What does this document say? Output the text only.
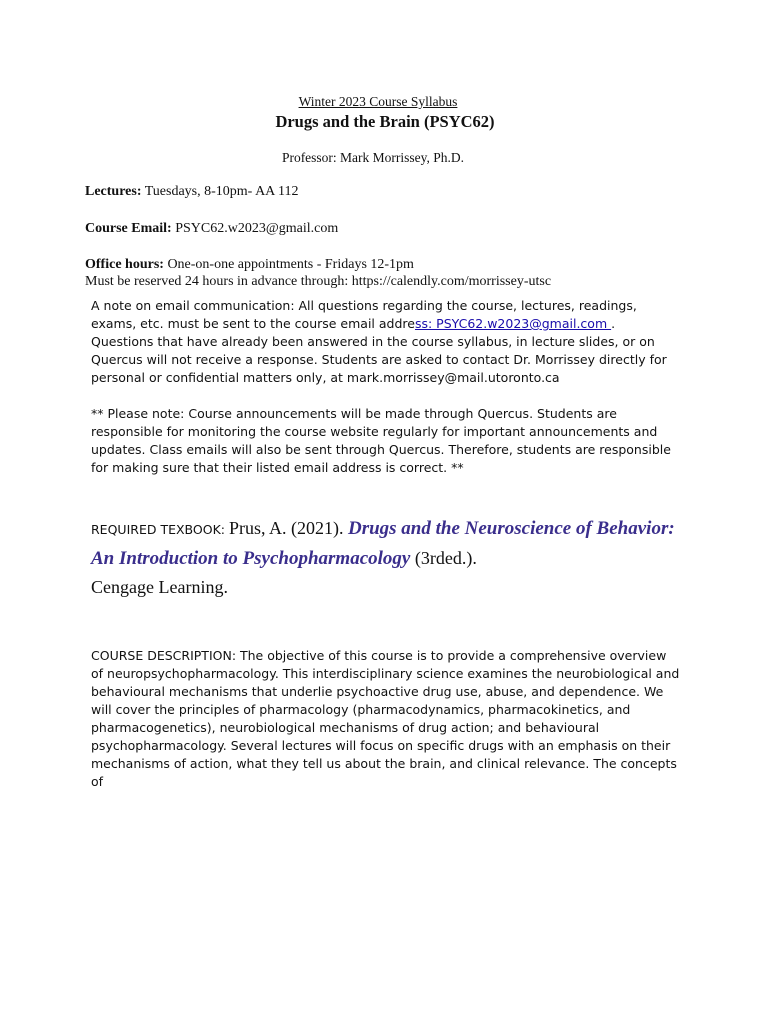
Winter 2023 Course Syllabus
Drugs and the Brain (PSYC62)
Professor: Mark Morrissey, Ph.D.
Lectures: Tuesdays, 8-10pm- AA 112
Course Email: PSYC62.w2023@gmail.com
Office hours: One-on-one appointments - Fridays 12-1pm
Must be reserved 24 hours in advance through: https://calendly.com/morrissey-utsc

A note on email communication: All questions regarding the course, lectures, readings, exams, etc. must be sent to the course email address: PSYC62.w2023@gmail.com . Questions that have already been answered in the course syllabus, in lecture slides, or on Quercus will not receive a response. Students are asked to contact Dr. Morrissey directly for personal or confidential matters only, at mark.morrissey@mail.utoronto.ca

** Please note: Course announcements will be made through Quercus. Students are responsible for monitoring the course website regularly for important announcements and updates. Class emails will also be sent through Quercus. Therefore, students are responsible for making sure that their listed email address is correct. **

REQUIRED TEXBOOK: Prus, A. (2021). Drugs and the Neuroscience of Behavior: An Introduction to Psychopharmacology (3rded.).
Cengage Learning.

COURSE DESCRIPTION: The objective of this course is to provide a comprehensive overview of neuropsychopharmacology. This interdisciplinary science examines the neurobiological and behavioural mechanisms that underlie psychoactive drug use, abuse, and dependence. We will cover the principles of pharmacology (pharmacodynamics, pharmacokinetics, and pharmacogenetics), neurobiological mechanisms of drug action; and behavioural psychopharmacology. Several lectures will focus on specific drugs with an emphasis on their mechanisms of action, what they tell us about the brain, and clinical relevance. The concepts of
